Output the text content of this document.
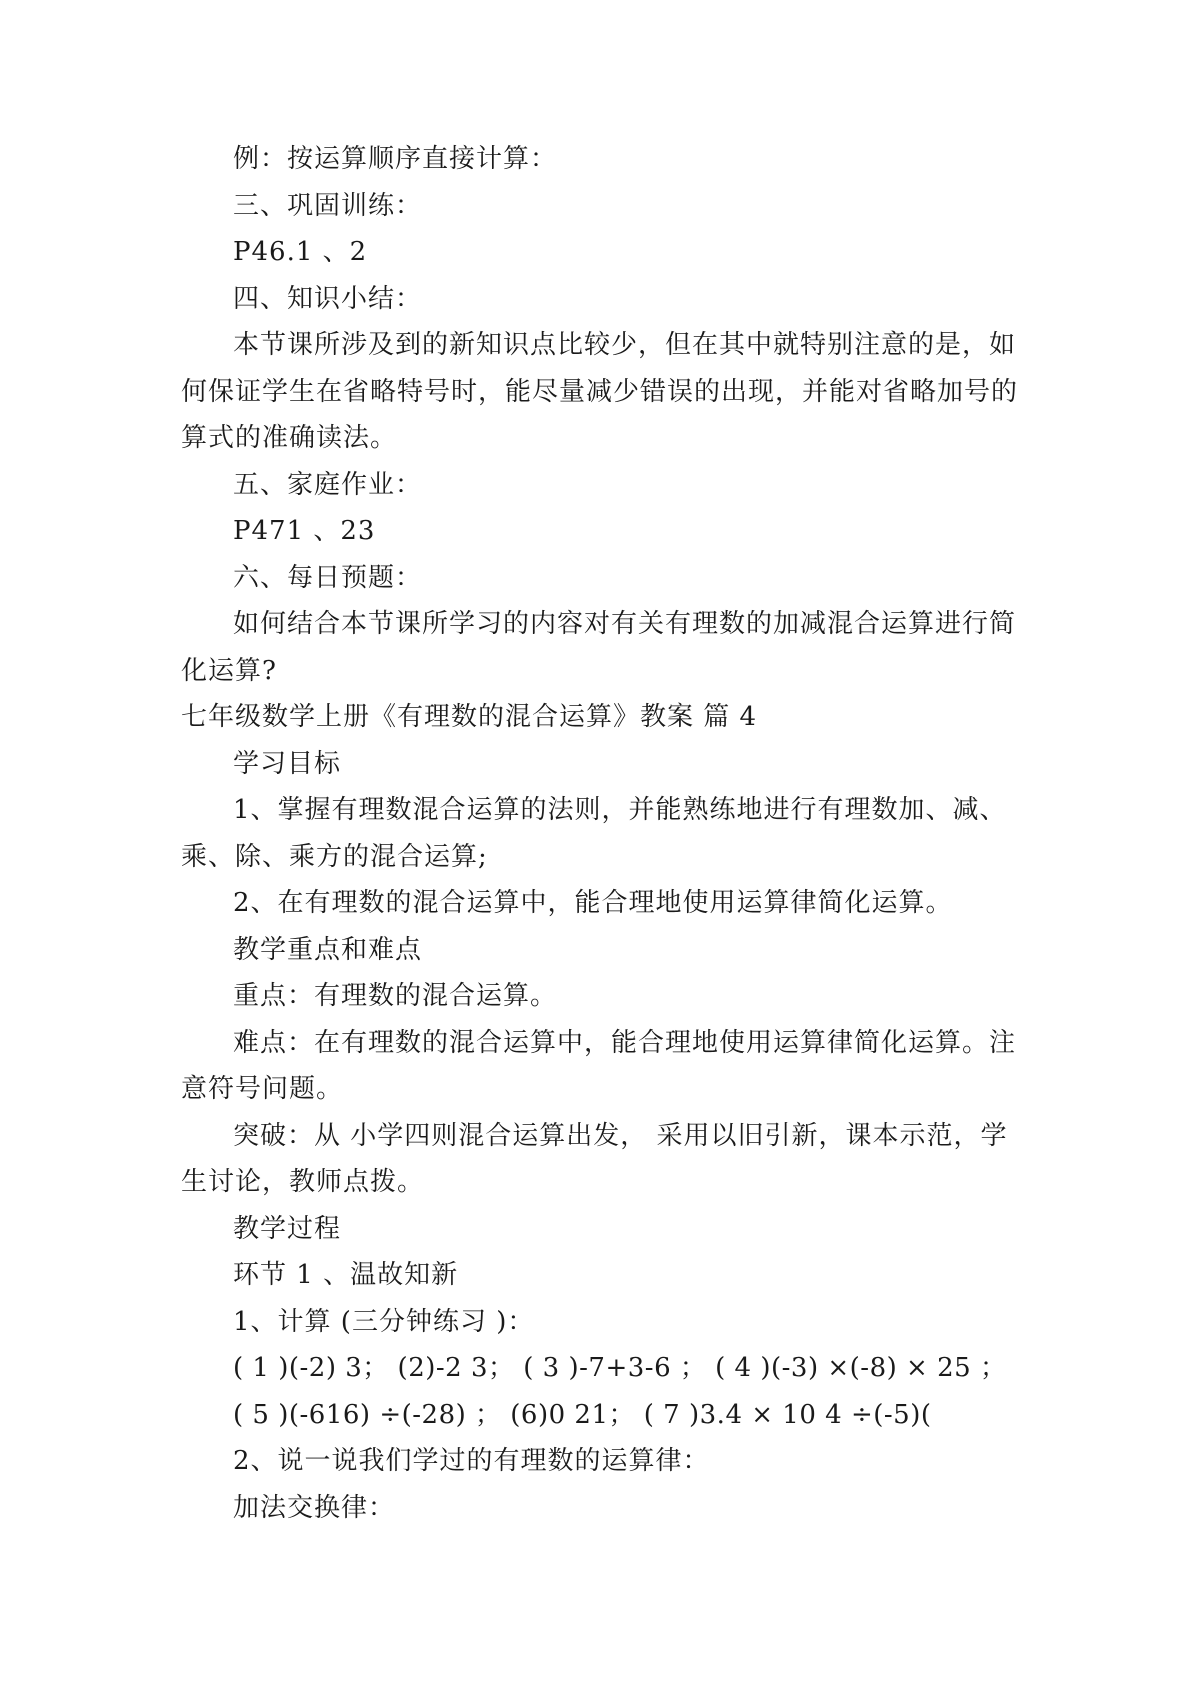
例：按运算顺序直接计算：

三、巩固训练：

P46.1 、2

四、知识小结：

本节课所涉及到的新知识点比较少，但在其中就特别注意的是，如何保证学生在省略特号时，能尽量减少错误的出现，并能对省略加号的算式的准确读法。

五、家庭作业：

P471 、23

六、每日预题：

如何结合本节课所学习的内容对有关有理数的加减混合运算进行简化运算?

七年级数学上册《有理数的混合运算》教案 篇 4

学习目标

1、掌握有理数混合运算的法则，并能熟练地进行有理数加、减、乘、除、乘方的混合运算;

2、在有理数的混合运算中，能合理地使用运算律简化运算。

教学重点和难点

重点：有理数的混合运算。

难点：在有理数的混合运算中，能合理地使用运算律简化运算。注意符号问题。

突破：从 小学四则混合运算出发， 采用以旧引新，课本示范，学生讨论，教师点拨。

教学过程

环节 1 、温故知新

1、计算 (三分钟练习 )：

( 1 )(-2) 3； (2)-2 3； ( 3 )-7+3-6 ； ( 4 )(-3) ×(-8) × 25 ；

( 5 )(-616) ÷(-28) ； (6)0 21； ( 7 )3.4 × 10 4 ÷(-5)(

2、说一说我们学过的有理数的运算律：

加法交换律：
